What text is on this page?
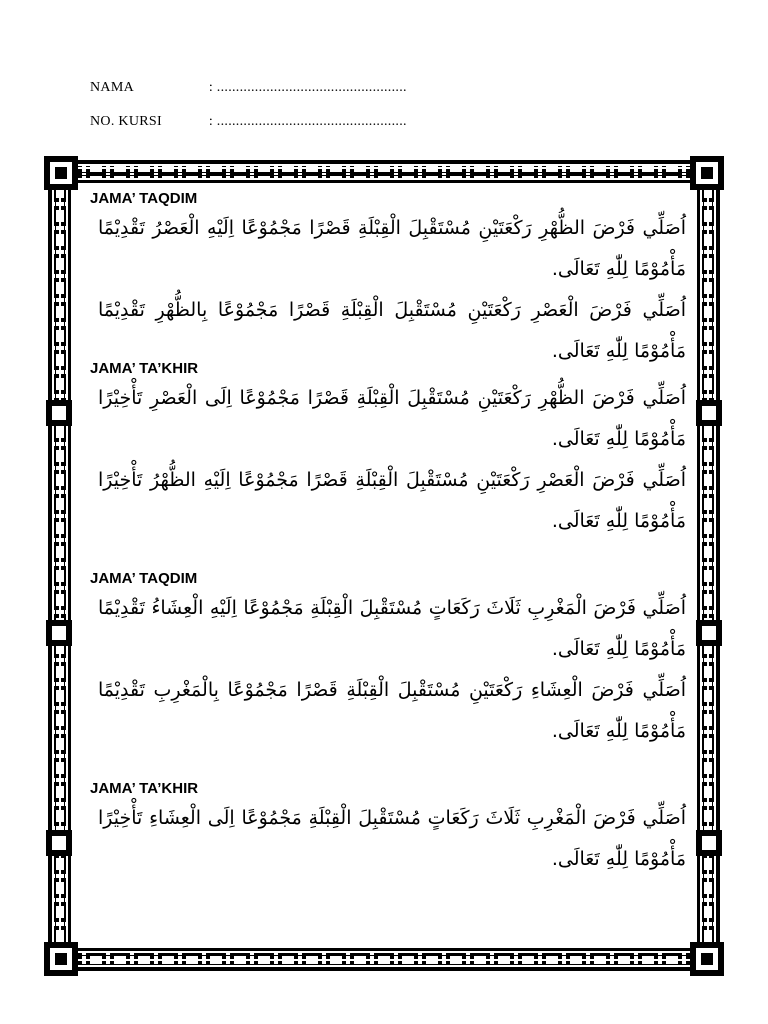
NAMA	: ..................................................
NO. KURSI	: ..................................................
JAMA’ TAQDIM

اُصَلِّي فَرْضَ الظُّهْرِ رَكْعَتَيْنِ مُسْتَقْبِلَ الْقِبْلَةِ قَصْرًا مَجْمُوْعًا اِلَيْهِ الْعَصْرُ تَقْدِيْمًا مَأْمُوْمًا لِلّٰهِ تَعَالَى.

اُصَلِّي فَرْضَ الْعَصْرِ رَكْعَتَيْنِ مُسْتَقْبِلَ الْقِبْلَةِ قَصْرًا مَجْمُوْعًا بِالظُّهْرِ تَقْدِيْمًا مَأْمُوْمًا لِلّٰهِ تَعَالَى.

JAMA’ TA’KHIR

اُصَلِّي فَرْضَ الظُّهْرِ رَكْعَتَيْنِ مُسْتَقْبِلَ الْقِبْلَةِ قَصْرًا مَجْمُوْعًا اِلَى الْعَصْرِ تَأْخِيْرًا مَأْمُوْمًا لِلّٰهِ تَعَالَى.

اُصَلِّي فَرْضَ الْعَصْرِ رَكْعَتَيْنِ مُسْتَقْبِلَ الْقِبْلَةِ قَصْرًا مَجْمُوْعًا اِلَيْهِ الظُّهْرُ تَأْخِيْرًا مَأْمُوْمًا لِلّٰهِ تَعَالَى.

JAMA’ TAQDIM

اُصَلِّي فَرْضَ الْمَغْرِبِ ثَلَاثَ رَكَعَاتٍ مُسْتَقْبِلَ الْقِبْلَةِ مَجْمُوْعًا اِلَيْهِ الْعِشَاءُ تَقْدِيْمًا مَأْمُوْمًا لِلّٰهِ تَعَالَى.

اُصَلِّي فَرْضَ الْعِشَاءِ رَكْعَتَيْنِ مُسْتَقْبِلَ الْقِبْلَةِ قَصْرًا مَجْمُوْعًا بِالْمَغْرِبِ تَقْدِيْمًا مَأْمُوْمًا لِلّٰهِ تَعَالَى.

JAMA’ TA’KHIR

اُصَلِّي فَرْضَ الْمَغْرِبِ ثَلَاثَ رَكَعَاتٍ مُسْتَقْبِلَ الْقِبْلَةِ مَجْمُوْعًا اِلَى الْعِشَاءِ تَأْخِيْرًا مَأْمُوْمًا لِلّٰهِ تَعَالَى.
